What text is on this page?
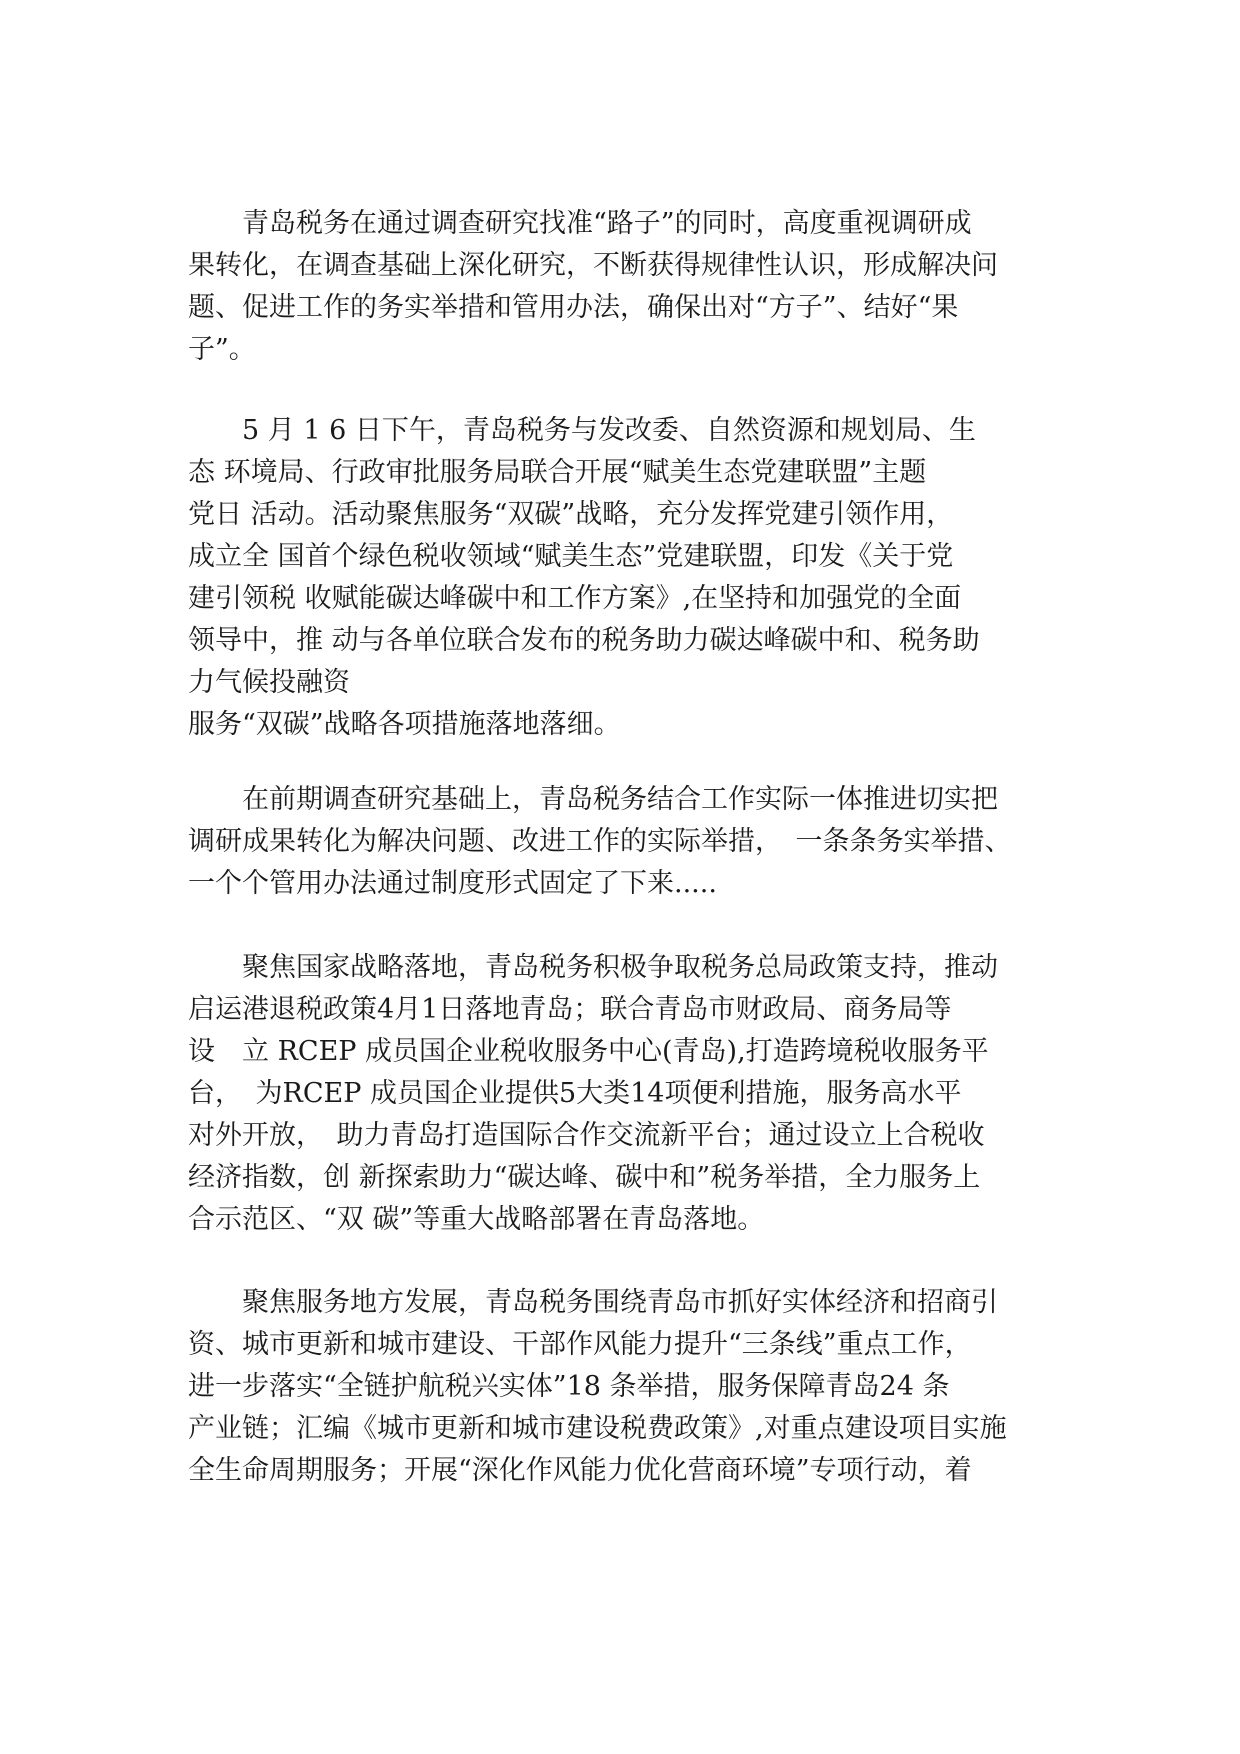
　　青岛税务在通过调查研究找准“路子”的同时，高度重视调研成
果转化，在调查基础上深化研究，不断获得规律性认识，形成解决问
题、促进工作的务实举措和管用办法，确保出对“方子”、结好“果
子”。

　　5 月 1 6 日下午，青岛税务与发改委、自然资源和规划局、生
态 环境局、行政审批服务局联合开展“赋美生态党建联盟”主题
党日 活动。活动聚焦服务“双碳”战略，充分发挥党建引领作用，
成立全 国首个绿色税收领域“赋美生态”党建联盟，印发《关于党
建引领税 收赋能碳达峰碳中和工作方案》,在坚持和加强党的全面
领导中，推 动与各单位联合发布的税务助力碳达峰碳中和、税务助
力气候投融资
服务“双碳”战略各项措施落地落细。

　　在前期调查研究基础上，青岛税务结合工作实际一体推进切实把
调研成果转化为解决问题、改进工作的实际举措，　一条条务实举措、
一个个管用办法通过制度形式固定了下来.....

　　聚焦国家战略落地，青岛税务积极争取税务总局政策支持，推动
启运港退税政策4月1日落地青岛；联合青岛市财政局、商务局等
设　立 RCEP 成员国企业税收服务中心(青岛),打造跨境税收服务平
台，　为RCEP 成员国企业提供5大类14项便利措施，服务高水平
对外开放，　助力青岛打造国际合作交流新平台；通过设立上合税收
经济指数，创 新探索助力“碳达峰、碳中和”税务举措，全力服务上
合示范区、“双 碳”等重大战略部署在青岛落地。

　　聚焦服务地方发展，青岛税务围绕青岛市抓好实体经济和招商引
资、城市更新和城市建设、干部作风能力提升“三条线”重点工作，
进一步落实“全链护航税兴实体”18 条举措，服务保障青岛24 条
产业链；汇编《城市更新和城市建设税费政策》,对重点建设项目实施
全生命周期服务；开展“深化作风能力优化营商环境”专项行动，着
